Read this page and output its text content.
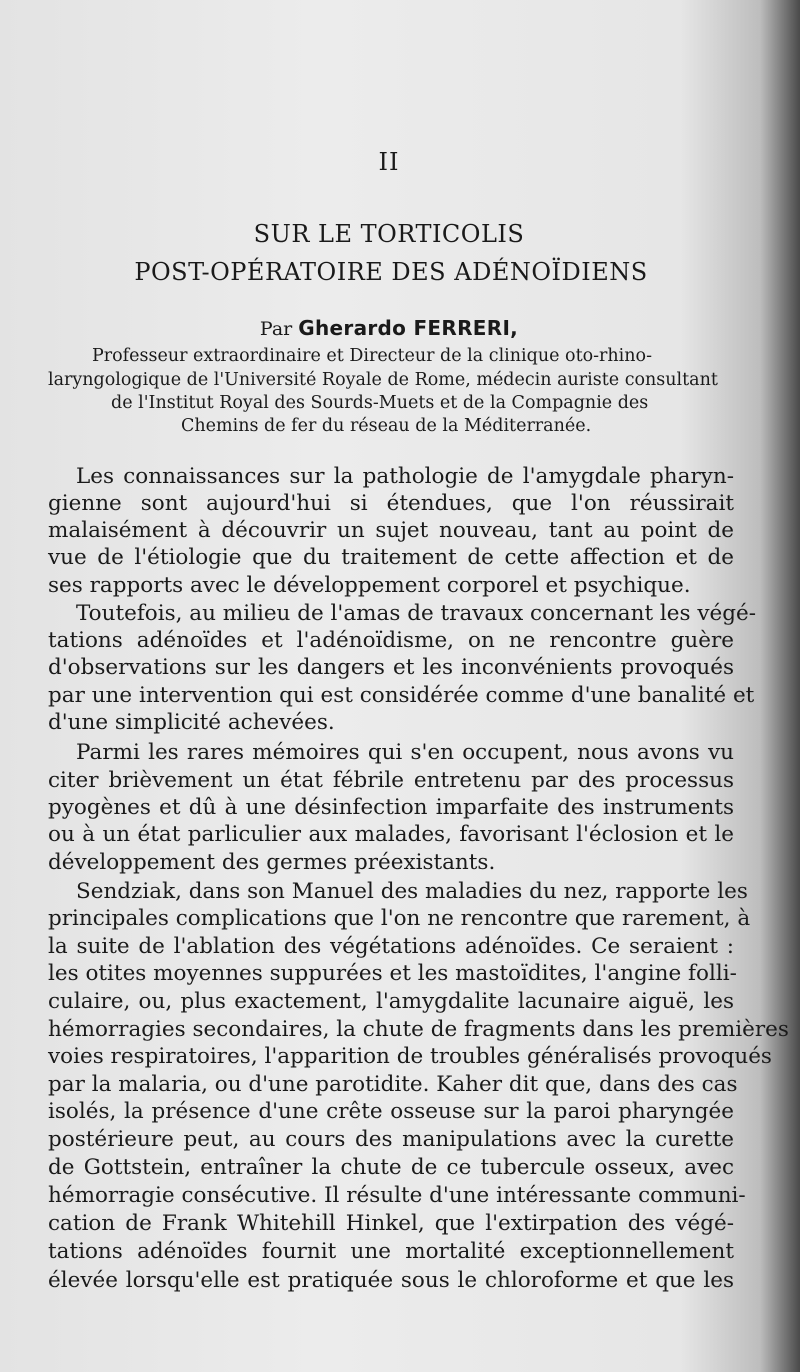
II
SUR LE TORTICOLIS
POST-OPÉRATOIRE DES ADÉNOÏDIENS
Par Gherardo FERRERI,
Professeur extraordinaire et Directeur de la clinique oto-rhino-
laryngologique de l'Université Royale de Rome, médecin auriste consultant
de l'Institut Royal des Sourds-Muets et de la Compagnie des
Chemins de fer du réseau de la Méditerranée.
Les connaissances sur la pathologie de l'amygdale pharyn-
gienne sont aujourd'hui si étendues, que l'on réussirait
malaisément à découvrir un sujet nouveau, tant au point de
vue de l'étiologie que du traitement de cette affection et de
ses rapports avec le développement corporel et psychique.
Toutefois, au milieu de l'amas de travaux concernant les végé-
tations adénoïdes et l'adénoïdisme, on ne rencontre guère
d'observations sur les dangers et les inconvénients provoqués
par une intervention qui est considérée comme d'une banalité et
d'une simplicité achevées.
Parmi les rares mémoires qui s'en occupent, nous avons vu
citer brièvement un état fébrile entretenu par des processus
pyogènes et dû à une désinfection imparfaite des instruments
ou à un état parliculier aux malades, favorisant l'éclosion et le
développement des germes préexistants.
Sendziak, dans son Manuel des maladies du nez, rapporte les
principales complications que l'on ne rencontre que rarement, à
la suite de l'ablation des végétations adénoïdes. Ce seraient :
les otites moyennes suppurées et les mastoïdites, l'angine folli-
culaire, ou, plus exactement, l'amygdalite lacunaire aiguë, les
hémorragies secondaires, la chute de fragments dans les premières
voies respiratoires, l'apparition de troubles généralisés provoqués
par la malaria, ou d'une parotidite. Kaher dit que, dans des cas
isolés, la présence d'une crête osseuse sur la paroi pharyngée
postérieure peut, au cours des manipulations avec la curette
de Gottstein, entraîner la chute de ce tubercule osseux, avec
hémorragie consécutive. Il résulte d'une intéressante communi-
cation de Frank Whitehill Hinkel, que l'extirpation des végé-
tations adénoïdes fournit une mortalité exceptionnellement
élevée lorsqu'elle est pratiquée sous le chloroforme et que les
